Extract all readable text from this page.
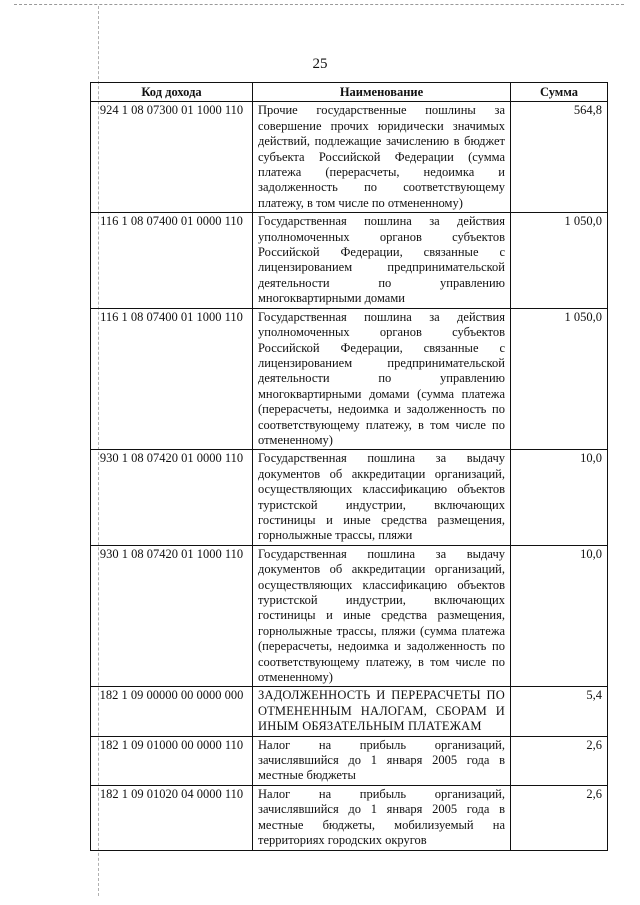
25
Код дохода	Наименование	Сумма
924 1 08 07300 01 1000 110	Прочие государственные пошлины за совершение прочих юридически значимых действий, подлежащие зачислению в бюджет субъекта Российской Федерации (сумма платежа (перерасчеты, недоимка и задолженность по соответствующему платежу, в том числе по отмененному)	564,8
116 1 08 07400 01 0000 110	Государственная пошлина за действия уполномоченных органов субъектов Российской Федерации, связанные с лицензированием предпринимательской деятельности по управлению многоквартирными домами	1 050,0
116 1 08 07400 01 1000 110	Государственная пошлина за действия уполномоченных органов субъектов Российской Федерации, связанные с лицензированием предпринимательской деятельности по управлению многоквартирными домами (сумма платежа (перерасчеты, недоимка и задолженность по соответствующему платежу, в том числе по отмененному)	1 050,0
930 1 08 07420 01 0000 110	Государственная пошлина за выдачу документов об аккредитации организаций, осуществляющих классификацию объектов туристской индустрии, включающих гостиницы и иные средства размещения, горнолыжные трассы, пляжи	10,0
930 1 08 07420 01 1000 110	Государственная пошлина за выдачу документов об аккредитации организаций, осуществляющих классификацию объектов туристской индустрии, включающих гостиницы и иные средства размещения, горнолыжные трассы, пляжи (сумма платежа (перерасчеты, недоимка и задолженность по соответствующему платежу, в том числе по отмененному)	10,0
182 1 09 00000 00 0000 000	ЗАДОЛЖЕННОСТЬ И ПЕРЕРАСЧЕТЫ ПО ОТМЕНЕННЫМ НАЛОГАМ, СБОРАМ И ИНЫМ ОБЯЗАТЕЛЬНЫМ ПЛАТЕЖАМ	5,4
182 1 09 01000 00 0000 110	Налог на прибыль организаций, зачислявшийся до 1 января 2005 года в местные бюджеты	2,6
182 1 09 01020 04 0000 110	Налог на прибыль организаций, зачислявшийся до 1 января 2005 года в местные бюджеты, мобилизуемый на территориях городских округов	2,6
